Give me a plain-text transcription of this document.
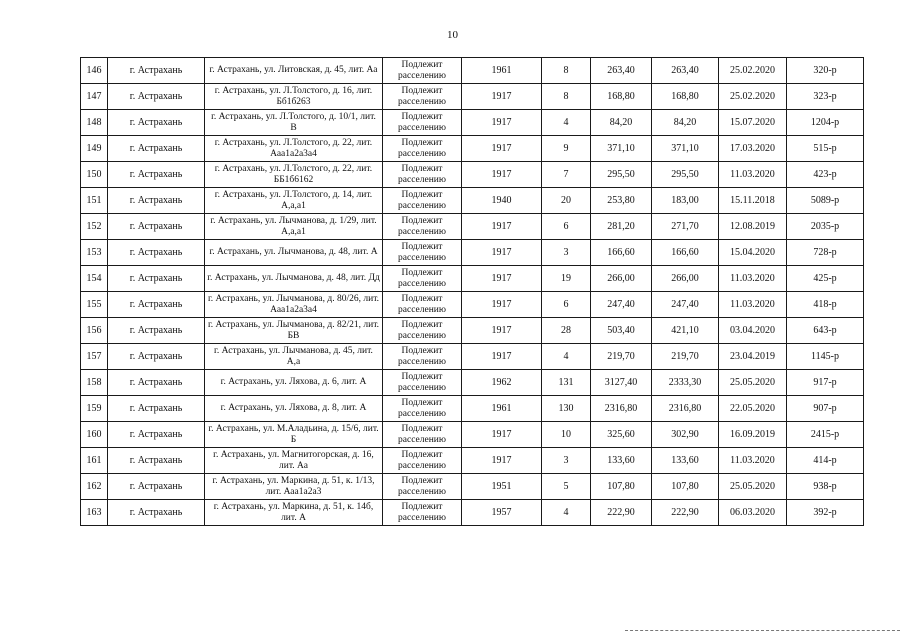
10
146	г. Астрахань	г. Астрахань, ул. Литовская, д. 45, лит. Аа	Подлежит расселению	1961	8	263,40	263,40	25.02.2020	320-р
147	г. Астрахань	г. Астрахань, ул. Л.Толстого, д. 16, лит. Бб1б263	Подлежит расселению	1917	8	168,80	168,80	25.02.2020	323-р
148	г. Астрахань	г. Астрахань, ул. Л.Толстого, д. 10/1, лит. В	Подлежит расселению	1917	4	84,20	84,20	15.07.2020	1204-р
149	г. Астрахань	г. Астрахань, ул. Л.Толстого, д. 22, лит. Ааа1а2а3а4	Подлежит расселению	1917	9	371,10	371,10	17.03.2020	515-р
150	г. Астрахань	г. Астрахань, ул. Л.Толстого, д. 22, лит. ББ1б6162	Подлежит расселению	1917	7	295,50	295,50	11.03.2020	423-р
151	г. Астрахань	г. Астрахань, ул. Л.Толстого, д. 14, лит. А,а,а1	Подлежит расселению	1940	20	253,80	183,00	15.11.2018	5089-р
152	г. Астрахань	г. Астрахань, ул. Лычманова, д. 1/29, лит. А,а,а1	Подлежит расселению	1917	6	281,20	271,70	12.08.2019	2035-р
153	г. Астрахань	г. Астрахань, ул. Лычманова, д. 48, лит. А	Подлежит расселению	1917	3	166,60	166,60	15.04.2020	728-р
154	г. Астрахань	г. Астрахань, ул. Лычманова, д. 48, лит. Дд	Подлежит расселению	1917	19	266,00	266,00	11.03.2020	425-р
155	г. Астрахань	г. Астрахань, ул. Лычманова, д. 80/26, лит. Ааа1а2а3а4	Подлежит расселению	1917	6	247,40	247,40	11.03.2020	418-р
156	г. Астрахань	г. Астрахань, ул. Лычманова, д. 82/21, лит. БВ	Подлежит расселению	1917	28	503,40	421,10	03.04.2020	643-р
157	г. Астрахань	г. Астрахань, ул. Лычманова, д. 45, лит. А,а	Подлежит расселению	1917	4	219,70	219,70	23.04.2019	1145-р
158	г. Астрахань	г. Астрахань, ул. Ляхова, д. 6, лит. А	Подлежит расселению	1962	131	3127,40	2333,30	25.05.2020	917-р
159	г. Астрахань	г. Астрахань, ул. Ляхова, д. 8, лит. А	Подлежит расселению	1961	130	2316,80	2316,80	22.05.2020	907-р
160	г. Астрахань	г. Астрахань, ул. М.Аладьина, д. 15/6, лит. Б	Подлежит расселению	1917	10	325,60	302,90	16.09.2019	2415-р
161	г. Астрахань	г. Астрахань, ул. Магнитогорская, д. 16, лит. Аа	Подлежит расселению	1917	3	133,60	133,60	11.03.2020	414-р
162	г. Астрахань	г. Астрахань, ул. Маркина, д. 51, к. 1/13, лит. Ааа1а2а3	Подлежит расселению	1951	5	107,80	107,80	25.05.2020	938-р
163	г. Астрахань	г. Астрахань, ул. Маркина, д. 51, к. 14б, лит. А	Подлежит расселению	1957	4	222,90	222,90	06.03.2020	392-р
